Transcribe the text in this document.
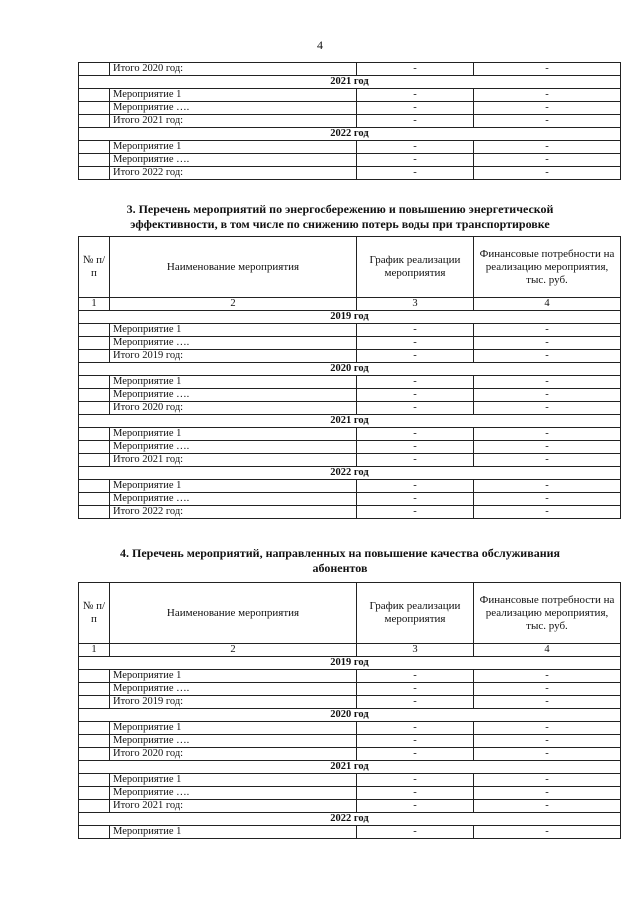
4
	Итого 2020 год:	-	-
2021 год			
	Мероприятие 1	-	-
	Мероприятие ….	-	-
	Итого 2021 год:	-	-
2022 год			
	Мероприятие 1	-	-
	Мероприятие ….	-	-
	Итого 2022 год:	-	-
3. Перечень мероприятий по энергосбережению и повышению энергетической
эффективности, в том числе по снижению потерь воды при транспортировке
№ п/п	Наименование мероприятия	График реализации мероприятия	Финансовые потребности на реализацию мероприятия, тыс. руб.
1	2	3	4
2019 год			
	Мероприятие 1	-	-
	Мероприятие ….	-	-
	Итого 2019 год:	-	-
2020 год			
	Мероприятие 1	-	-
	Мероприятие ….	-	-
	Итого 2020 год:	-	-
2021 год			
	Мероприятие 1	-	-
	Мероприятие ….	-	-
	Итого 2021 год:	-	-
2022 год			
	Мероприятие 1	-	-
	Мероприятие ….	-	-
	Итого 2022 год:	-	-
4. Перечень мероприятий, направленных на повышение качества обслуживания
абонентов
№ п/п	Наименование мероприятия	График реализации мероприятия	Финансовые потребности на реализацию мероприятия, тыс. руб.
1	2	3	4
2019 год			
	Мероприятие 1	-	-
	Мероприятие ….	-	-
	Итого 2019 год:	-	-
2020 год			
	Мероприятие 1	-	-
	Мероприятие ….	-	-
	Итого 2020 год:	-	-
2021 год			
	Мероприятие 1	-	-
	Мероприятие ….	-	-
	Итого 2021 год:	-	-
2022 год			
	Мероприятие 1	-	-
